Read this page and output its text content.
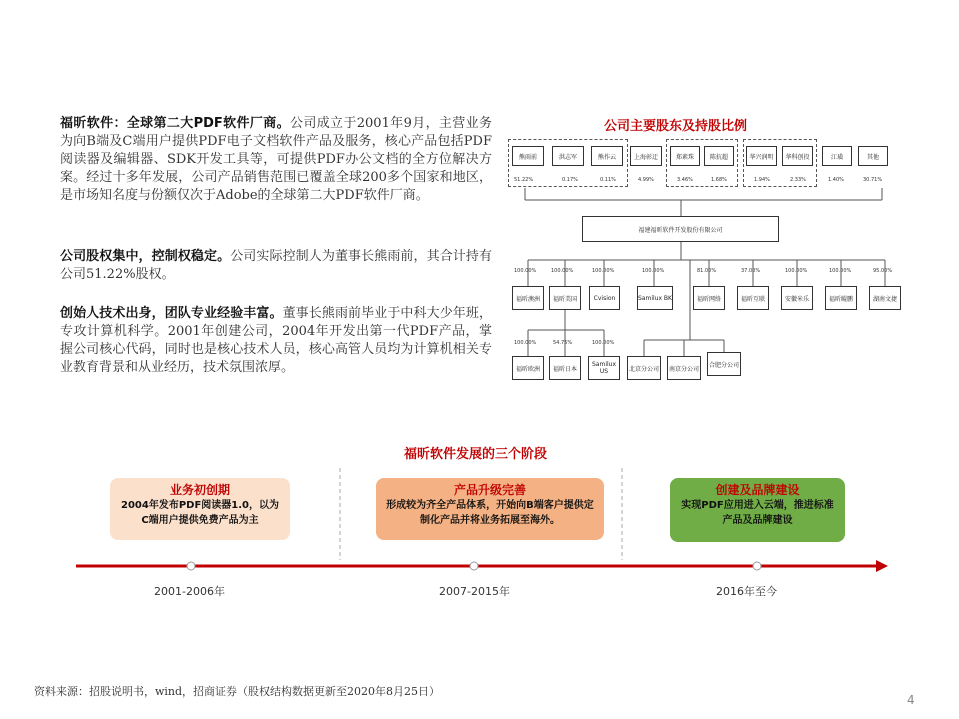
福昕软件：全球第二大PDF软件厂商。公司成立于2001年9月，主营业务为向B端及C端用户提供PDF电子文档软件产品及服务，核心产品包括PDF阅读器及编辑器、SDK开发工具等，可提供PDF办公文档的全方位解决方案。经过十多年发展，公司产品销售范围已覆盖全球200多个国家和地区，是市场知名度与份额仅次于Adobe的全球第二大PDF软件厂商。
公司股权集中，控制权稳定。公司实际控制人为董事长熊雨前，其合计持有公司51.22%股权。
创始人技术出身，团队专业经验丰富。董事长熊雨前毕业于中科大少年班，专攻计算机科学。2001年创建公司，2004年开发出第一代PDF产品，掌握公司核心代码，同时也是核心技术人员，核心高管人员均为计算机相关专业教育背景和从业经历，技术氛围浓厚。
公司主要股东及持股比例
熊雨前
51.22%
洪志军
0.17%
熊作云
0.11%
上海彰迂
4.99%
郑素珠
3.46%
陈抗超
1.68%
华兴润明
1.94%
华科创投
2.33%
江璜
1.40%
其他
30.71%
福建福昕软件开发股份有限公司
100.00%
福昕澳洲
100.00%
福昕美国
100.00%
Cvision
100.00%
Samilux BK
81.00%
福昕网络
37.00%
福昕互联
100.00%
安徽米乐
100.00%
福昕鲲鹏
95.00%
湖南文捷
100.00%
福昕欧洲
54.75%
福昕日本
100.00%
Samilux US	北京分公司	南京分公司
合肥分公司
福昕软件发展的三个阶段
业务初创期
2004年发布PDF阅读器1.0，以为C端用户提供免费产品为主
产品升级完善
形成较为齐全产品体系，开始向B端客户提供定制化产品并将业务拓展至海外。
创建及品牌建设
实现PDF应用进入云端，推进标准产品及品牌建设
2001-2006年	2007-2015年	2016年至今
资料来源：招股说明书，wind，招商证券（股权结构数据更新至2020年8月25日）
4
